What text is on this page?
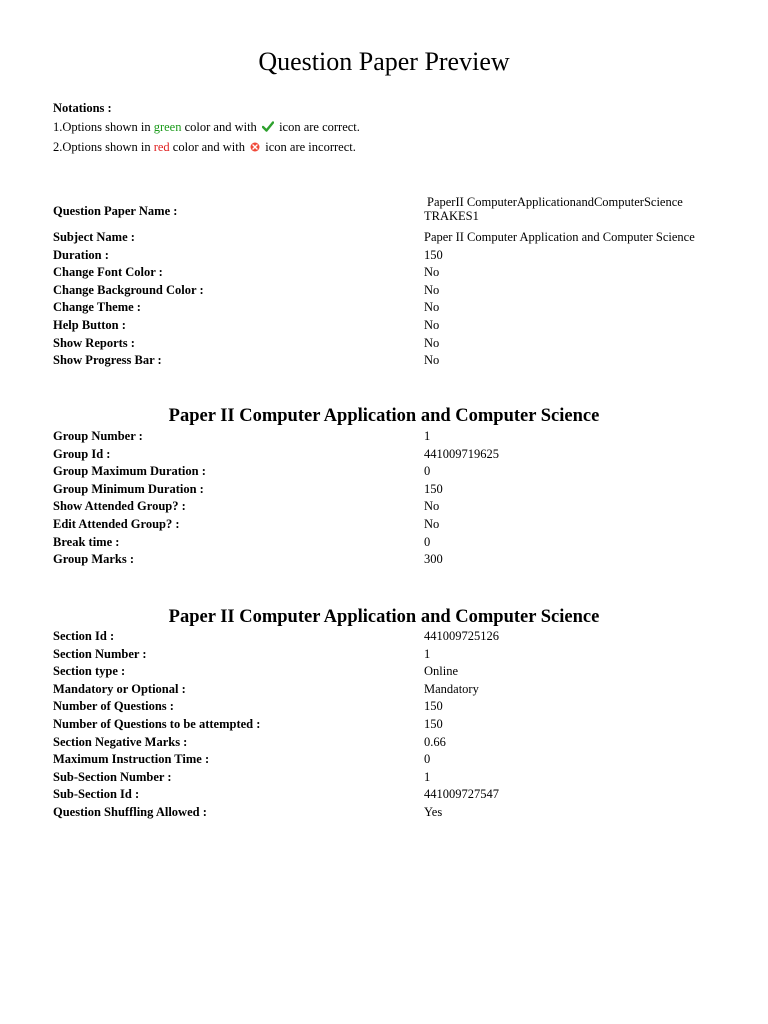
Question Paper Preview
Notations :
1.Options shown in green color and with  icon are correct.
2.Options shown in red color and with  icon are incorrect.
Question Paper Name :
PaperII ComputerApplicationandComputerScience
TRAKES1
Subject Name :	Paper II Computer Application and Computer Science
Duration :	150
Change Font Color :	No
Change Background Color :	No
Change Theme :	No
Help Button :	No
Show Reports :	No
Show Progress Bar :	No
Paper II Computer Application and Computer Science
Group Number :	1
Group Id :	441009719625
Group Maximum Duration :	0
Group Minimum Duration :	150
Show Attended Group? :	No
Edit Attended Group? :	No
Break time :	0
Group Marks :	300
Paper II Computer Application and Computer Science
Section Id :	441009725126
Section Number :	1
Section type :	Online
Mandatory or Optional :	Mandatory
Number of Questions :	150
Number of Questions to be attempted :	150
Section Negative Marks :	0.66
Maximum Instruction Time :	0
Sub-Section Number :	1
Sub-Section Id :	441009727547
Question Shuffling Allowed :	Yes
